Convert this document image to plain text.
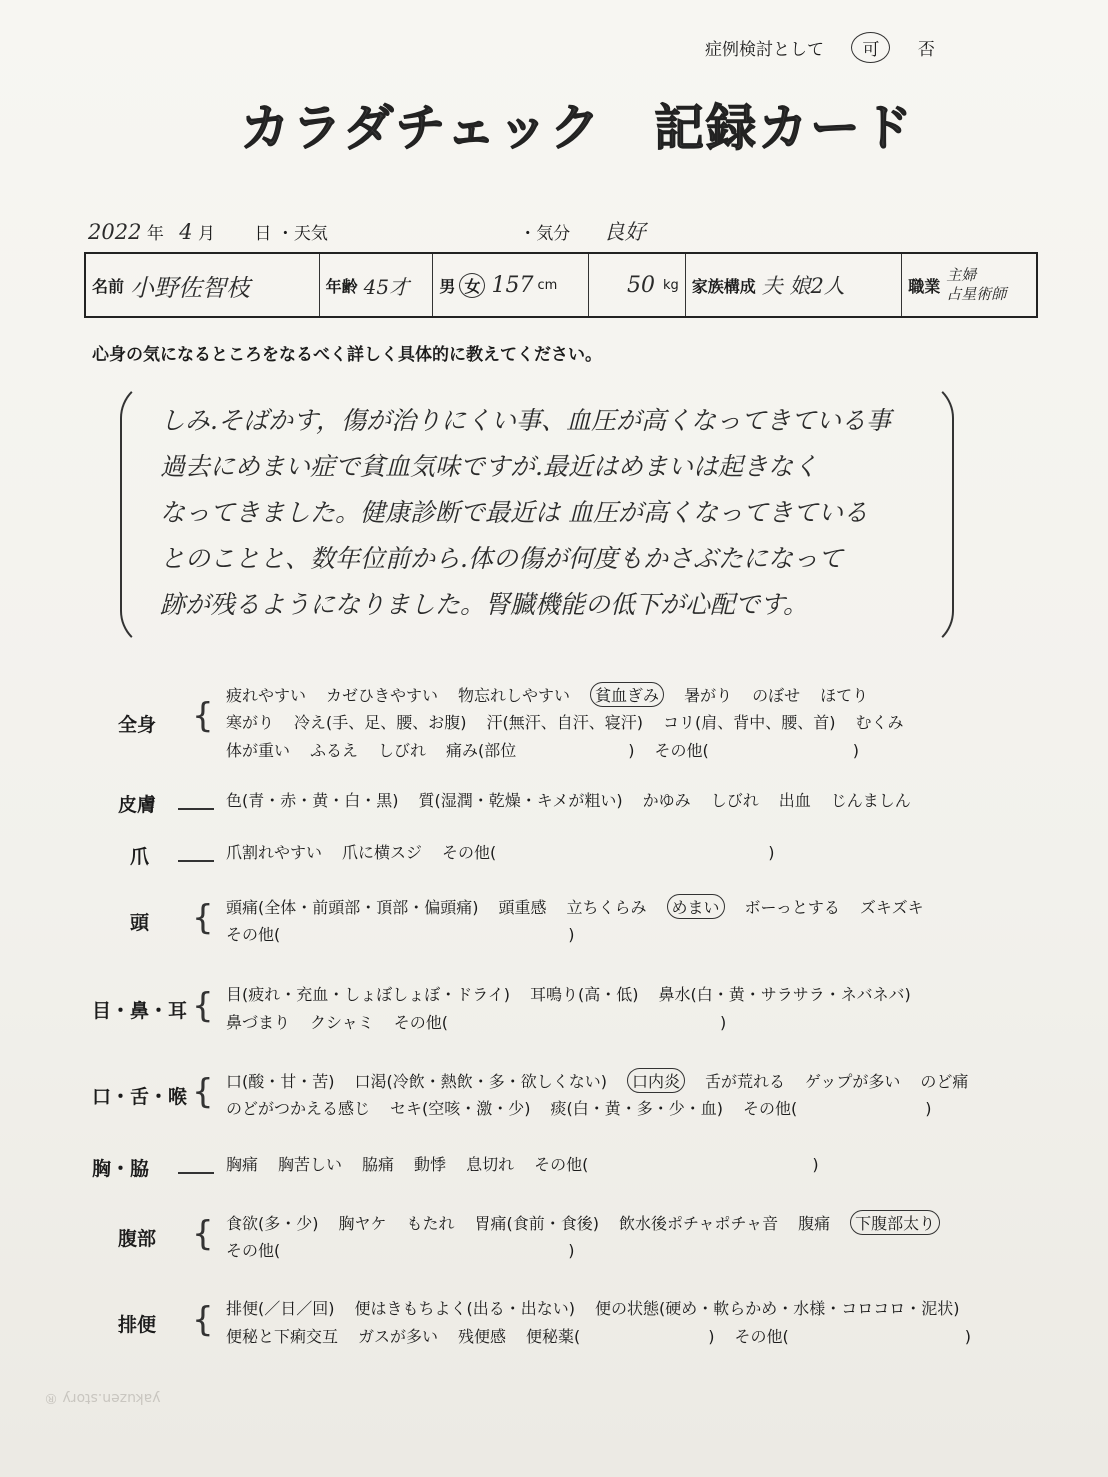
症例検討として 可 否
カラダチェック　記録カード
2022 年 4 月 日 ・天気	・気分 良好
名前 小野佐智枝	年齢 45才 男 女 157 cm	50 kg 家族構成 夫 娘2人	職業
主婦
占星術師
心身の気になるところをなるべく詳しく具体的に教えてください。
しみ.そばかす，傷が治りにくい事、血圧が高くなってきている事
過去にめまい症で貧血気味ですが.最近はめまいは起きなく
なってきました。健康診断で最近は 血圧が高くなってきている
とのことと、数年位前から.体の傷が何度もかさぶたになって
跡が残るようになりました。腎臓機能の低下が心配です。
全身 {
疲れやすい カゼひきやすい 物忘れしやすい 貧血ぎみ 暑がり のぼせ ほてり
寒がり 冷え(手、足、腰、お腹) 汗(無汗、自汗、寝汗) コリ(肩、背中、腰、首) むくみ
体が重い ふるえ しびれ 痛み(部位　　　　　　　) その他(　　　　　　　　　)
皮膚	色(青・赤・黄・白・黒) 質(湿潤・乾燥・キメが粗い) かゆみ しびれ 出血 じんましん
爪	爪割れやすい 爪に横スジ その他(　　　　　　　　　　　　　　　　　)
頭 { 頭痛(全体・前頭部・頂部・偏頭痛) 頭重感 立ちくらみ めまい ボーっとする ズキズキ
その他(　　　　　　　　　　　　　　　　　　)
目・鼻・耳 { 目(疲れ・充血・しょぼしょぼ・ドライ) 耳鳴り(高・低) 鼻水(白・黄・サラサラ・ネバネバ)
鼻づまり クシャミ その他(　　　　　　　　　　　　　　　　　)
口・舌・喉 { 口(酸・甘・苦) 口渇(冷飲・熱飲・多・欲しくない) 口内炎 舌が荒れる ゲップが多い のど痛
のどがつかえる感じ セキ(空咳・激・少) 痰(白・黄・多・少・血) その他(　　　　　　　　)
胸・脇	胸痛 胸苦しい 脇痛 動悸 息切れ その他(　　　　　　　　　　　　　　)
腹部 { 食欲(多・少) 胸ヤケ もたれ 胃痛(食前・食後) 飲水後ポチャポチャ音 腹痛 下腹部太り
その他(　　　　　　　　　　　　　　　　　　)
排便 { 排便(／日／回) 便はきもちよく(出る・出ない) 便の状態(硬め・軟らかめ・水様・コロコロ・泥状)
便秘と下痢交互 ガスが多い 残便感 便秘薬(　　　　　　　　) その他(　　　　　　　　　　　)
yakuzen.story ®
